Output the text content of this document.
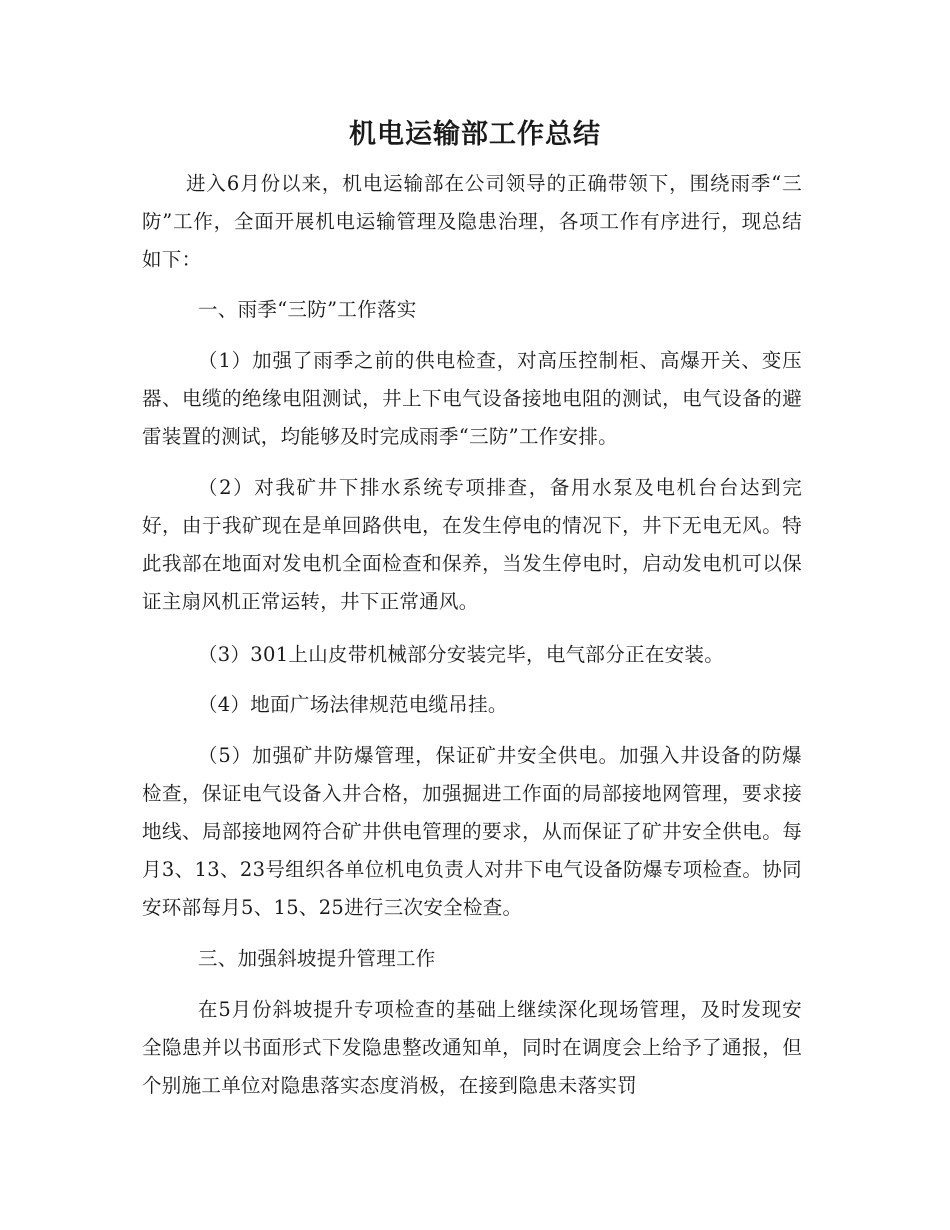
机电运输部工作总结
进入6月份以来，机电运输部在公司领导的正确带领下，围绕雨季“三防”工作，全面开展机电运输管理及隐患治理，各项工作有序进行，现总结如下：
一、雨季“三防”工作落实
（1）加强了雨季之前的供电检查，对高压控制柜、高爆开关、变压器、电缆的绝缘电阻测试，井上下电气设备接地电阻的测试，电气设备的避雷装置的测试，均能够及时完成雨季“三防”工作安排。
（2）对我矿井下排水系统专项排查，备用水泵及电机台台达到完好，由于我矿现在是单回路供电，在发生停电的情况下，井下无电无风。特此我部在地面对发电机全面检查和保养，当发生停电时，启动发电机可以保证主扇风机正常运转，井下正常通风。
（3）301上山皮带机械部分安装完毕，电气部分正在安装。
（4）地面广场法律规范电缆吊挂。
（5）加强矿井防爆管理，保证矿井安全供电。加强入井设备的防爆检查，保证电气设备入井合格，加强掘进工作面的局部接地网管理，要求接地线、局部接地网符合矿井供电管理的要求，从而保证了矿井安全供电。每月3、13、23号组织各单位机电负责人对井下电气设备防爆专项检查。协同安环部每月5、15、25进行三次安全检查。
三、加强斜坡提升管理工作
在5月份斜坡提升专项检查的基础上继续深化现场管理，及时发现安全隐患并以书面形式下发隐患整改通知单，同时在调度会上给予了通报，但个别施工单位对隐患落实态度消极，在接到隐患未落实罚
